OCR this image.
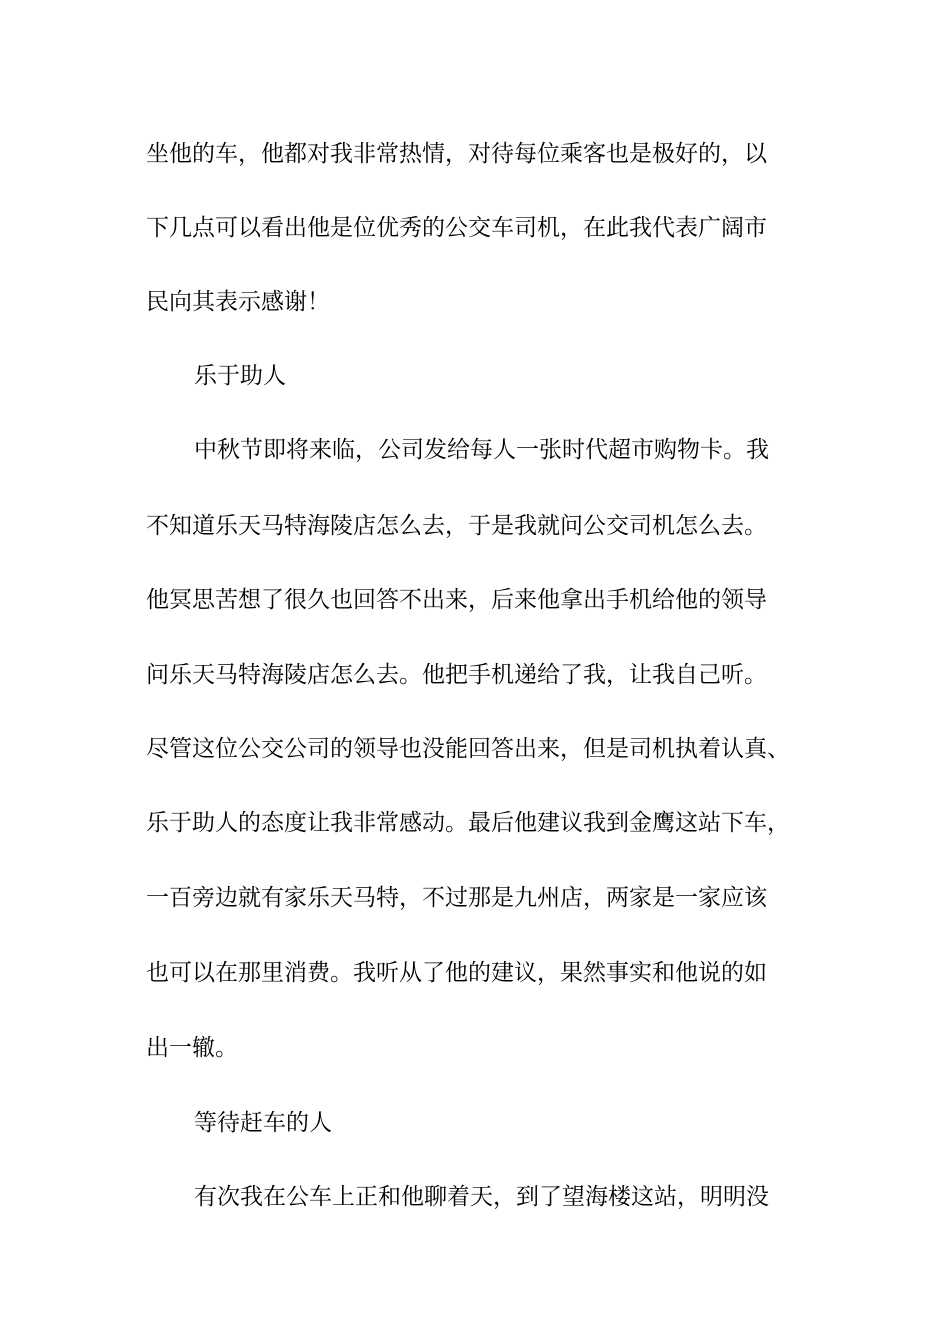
坐他的车，他都对我非常热情，对待每位乘客也是极好的，以
下几点可以看出他是位优秀的公交车司机，在此我代表广阔市
民向其表示感谢！
乐于助人
中秋节即将来临，公司发给每人一张时代超市购物卡。我
不知道乐天马特海陵店怎么去，于是我就问公交司机怎么去。
他冥思苦想了很久也回答不出来，后来他拿出手机给他的领导
问乐天马特海陵店怎么去。他把手机递给了我，让我自己听。
尽管这位公交公司的领导也没能回答出来，但是司机执着认真、
乐于助人的态度让我非常感动。最后他建议我到金鹰这站下车，
一百旁边就有家乐天马特，不过那是九州店，两家是一家应该
也可以在那里消费。我听从了他的建议，果然事实和他说的如
出一辙。
等待赶车的人
有次我在公车上正和他聊着天，到了望海楼这站，明明没
